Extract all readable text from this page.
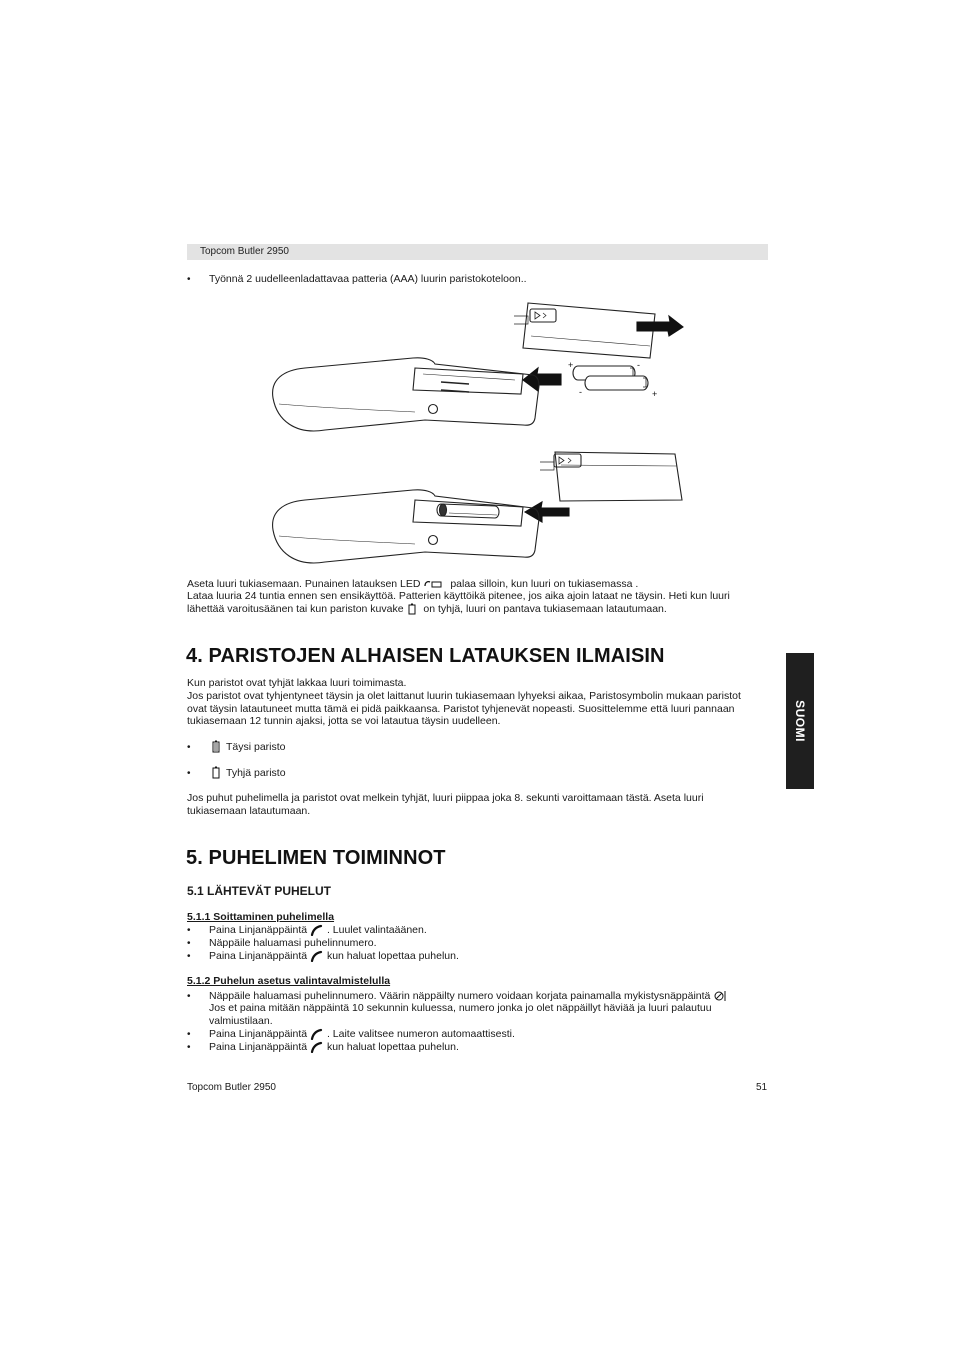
Topcom Butler 2950
• Työnnä 2 uudelleenladattavaa patteria (AAA) luurin paristokoteloon..
+
+
-
-
Aseta luuri tukiasemaan. Punainen latauksen LED	palaa silloin, kun luuri on tukiasemassa .
Lataa luuria 24 tuntia ennen sen ensikäyttöä. Patterien käyttöikä pitenee, jos aika ajoin lataat ne täysin. Heti kun luuri
lähettää varoitusäänen tai kun pariston kuvake on tyhjä, luuri on pantava tukiasemaan latautumaan.
4. PARISTOJEN ALHAISEN LATAUKSEN ILMAISIN
Kun paristot ovat tyhjät lakkaa luuri toimimasta.
Jos paristot ovat tyhjentyneet täysin ja olet laittanut luurin tukiasemaan lyhyeksi aikaa, Paristosymbolin mukaan paristot
ovat täysin latautuneet mutta tämä ei pidä paikkaansa. Paristot tyhjenevät nopeasti. Suosittelemme että luuri pannaan
tukiasemaan 12 tunnin ajaksi, jotta se voi latautua täysin uudelleen.
•	Täysi paristo
•	Tyhjä paristo
Jos puhut puhelimella ja paristot ovat melkein tyhjät, luuri piippaa joka 8. sekunti varoittamaan tästä. Aseta luuri
tukiasemaan latautumaan.
5. PUHELIMEN TOIMINNOT
5.1 LÄHTEVÄT PUHELUT
5.1.1 Soittaminen puhelimella
• Paina Linjanäppäintä . Luulet valintaäänen.
• Näppäile haluamasi puhelinnumero.
• Paina Linjanäppäintä kun haluat lopettaa puhelun.
5.1.2 Puhelun asetus valintavalmistelulla
• Näppäile haluamasi puhelinnumero. Väärin näppäilty numero voidaan korjata painamalla mykistysnäppäintä
Jos et paina mitään näppäintä 10 sekunnin kuluessa, numero jonka jo olet näppäillyt häviää ja luuri palautuu
valmiustilaan.
• Paina Linjanäppäintä . Laite valitsee numeron automaattisesti.
• Paina Linjanäppäintä kun haluat lopettaa puhelun.
SUOMI
Topcom Butler 2950	51
